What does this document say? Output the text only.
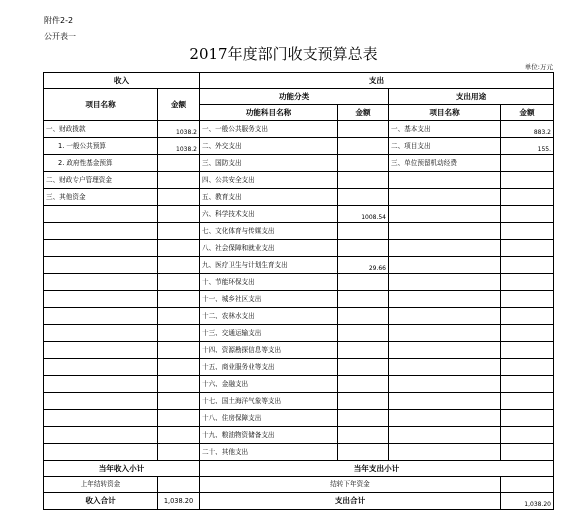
附件2-2
公开表一
2017年度部门收支预算总表
单位:万元
收入		支出			
项目名称	金额	功能分类		支出用途	
		功能科目名称	金额	项目名称	金额
一、财政拨款	1038.2	一、一般公共服务支出		一、基本支出	883.2
1. 一般公共预算	1038.2	二、外交支出		二、项目支出	155.
2. 政府性基金预算		三、国防支出		三、单位预留机动经费	
二、财政专户管理资金		四、公共安全支出			
三、其他资金		五、教育支出			
		六、科学技术支出	1008.54		
		七、文化体育与传媒支出			
		八、社会保障和就业支出			
		九、医疗卫生与计划生育支出	29.66		
		十、节能环保支出			
		十一、城乡社区支出			
		十二、农林水支出			
		十三、交通运输支出			
		十四、资源勘探信息等支出			
		十五、商业服务业等支出			
		十六、金融支出			
		十七、国土海洋气象等支出			
		十八、住房保障支出			
		十九、粮油物资储备支出			
		二十、其他支出			
当年收入小计		当年支出小计			
上年结转资金		结转下年资金			
收入合计	1,038.20	支出合计			1,038.20
